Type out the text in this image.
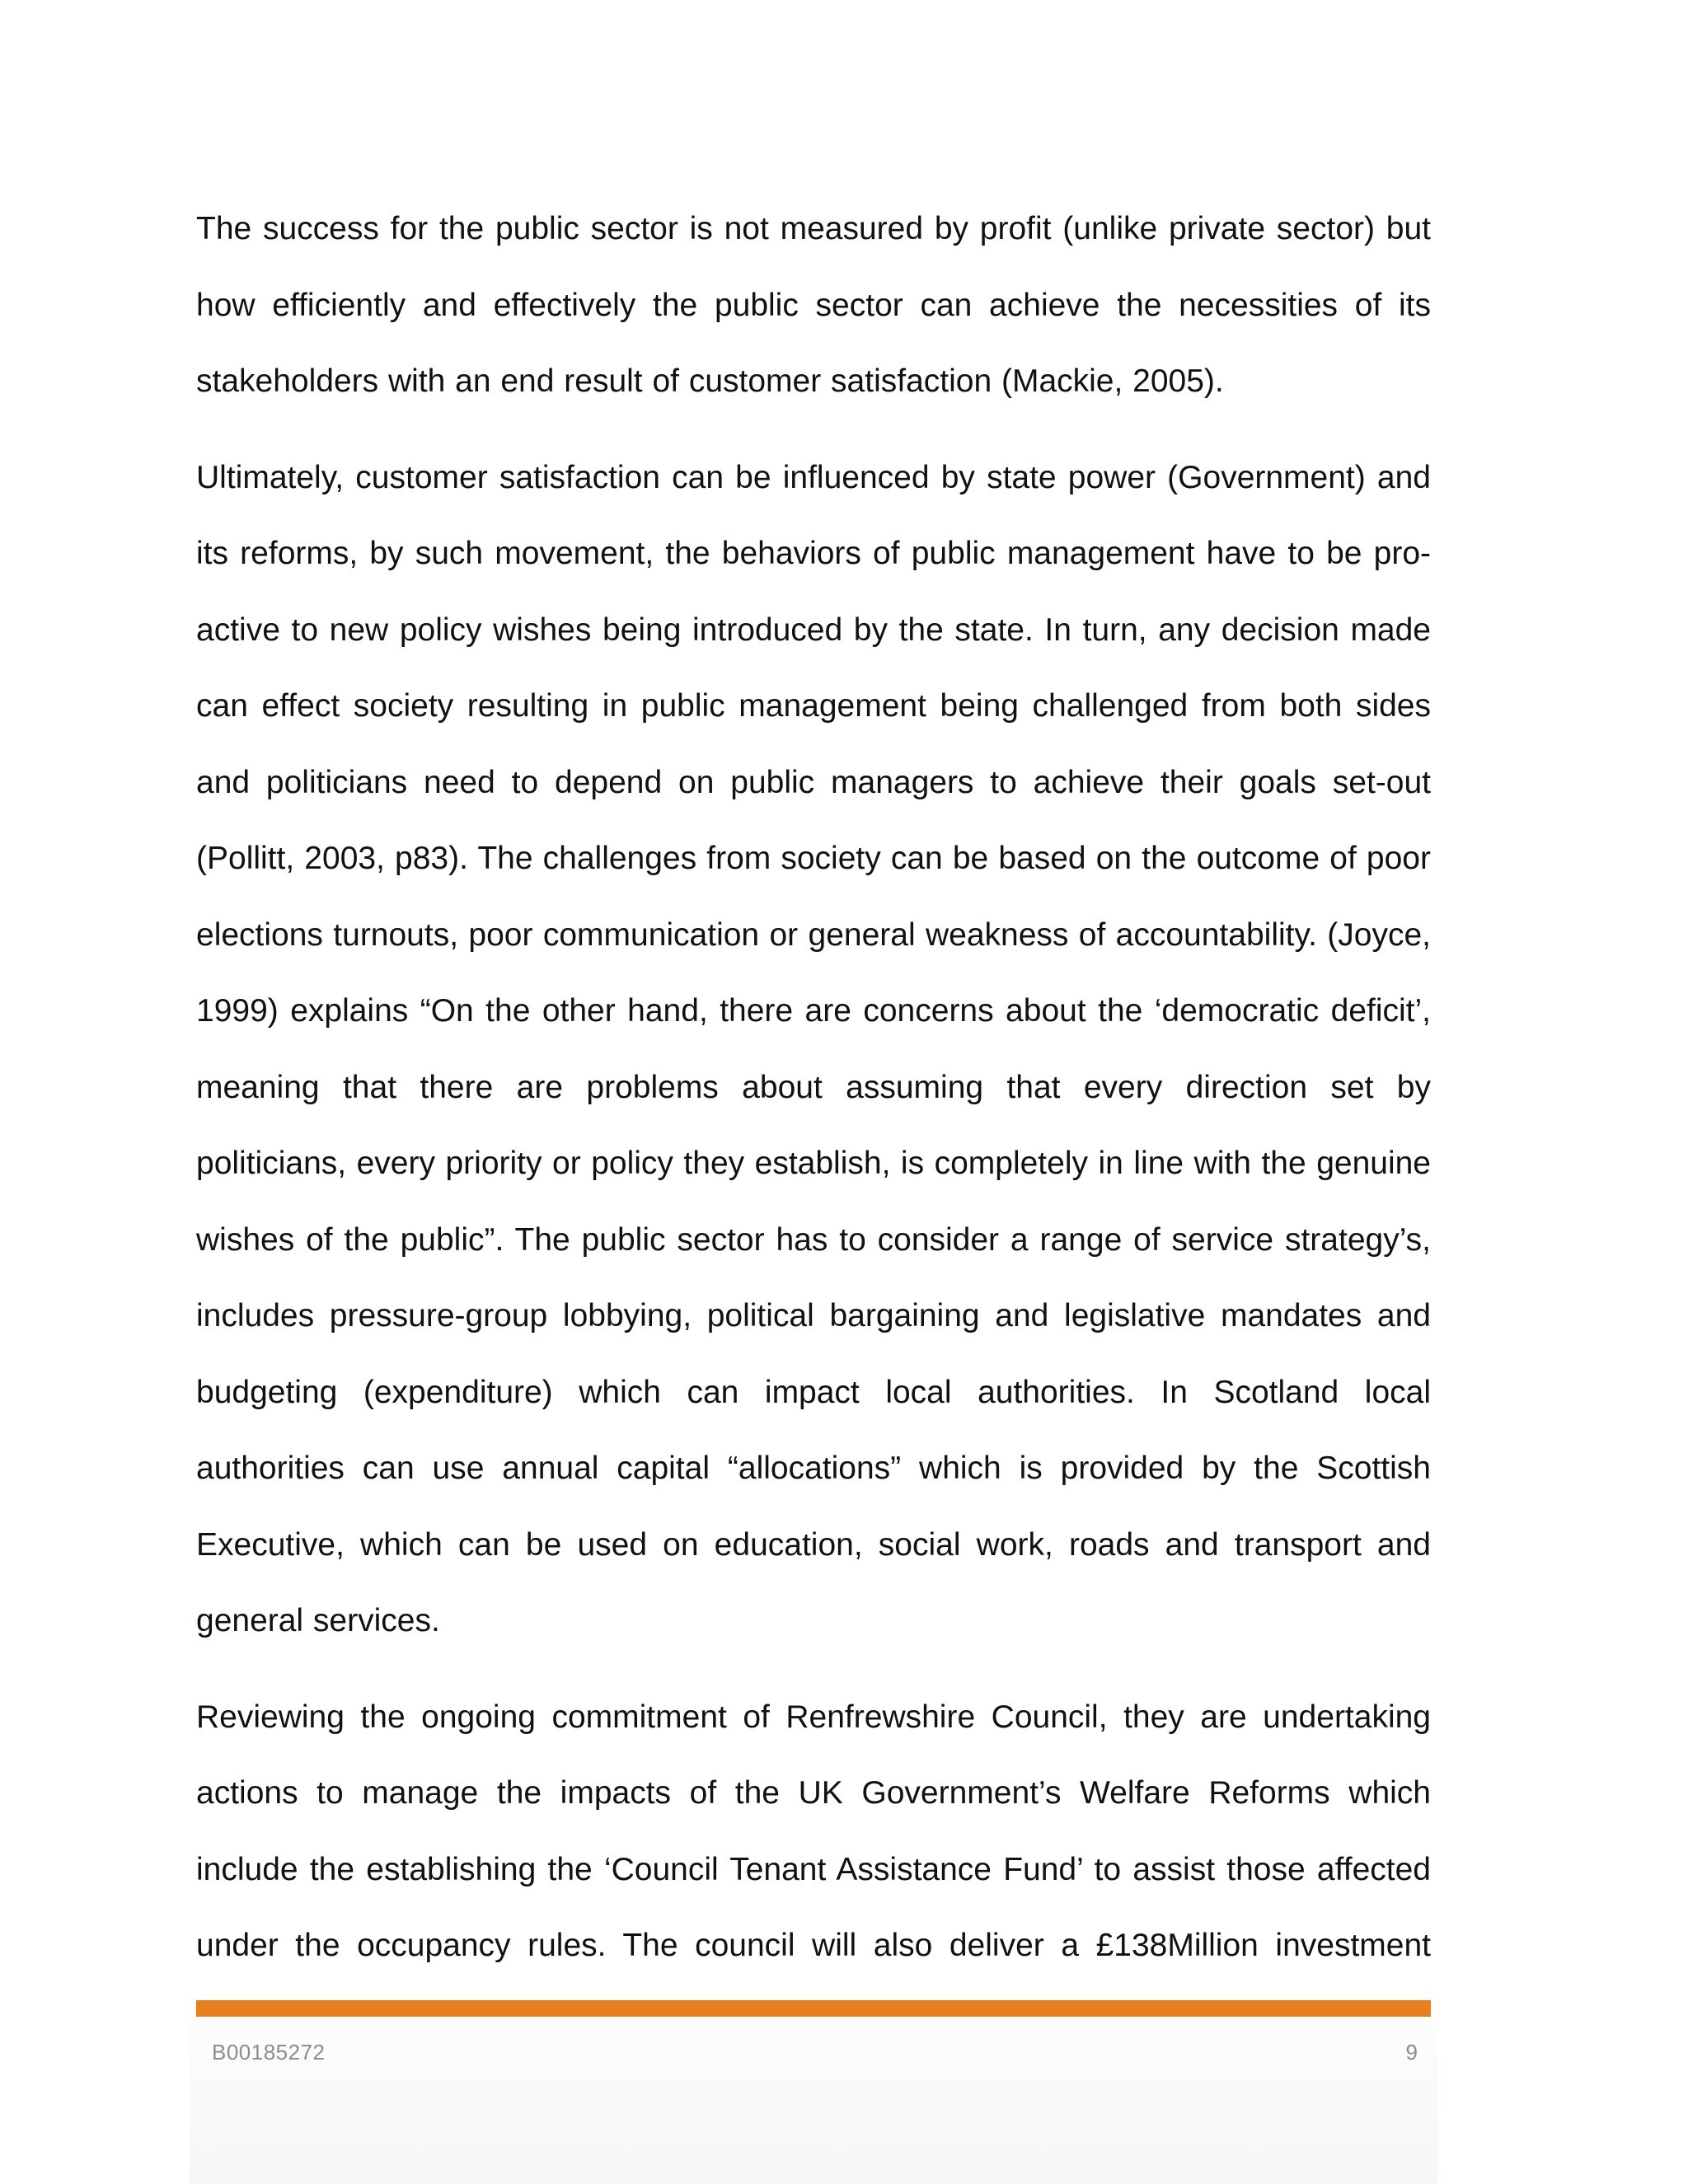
The success for the public sector is not measured by profit (unlike private sector) but how efficiently and effectively the public sector can achieve the necessities of its stakeholders with an end result of customer satisfaction (Mackie, 2005).

Ultimately, customer satisfaction can be influenced by state power (Government) and its reforms, by such movement, the behaviors of public management have to be pro-active to new policy wishes being introduced by the state. In turn, any decision made can effect society resulting in public management being challenged from both sides and politicians need to depend on public managers to achieve their goals set-out (Pollitt, 2003, p83). The challenges from society can be based on the outcome of poor elections turnouts, poor communication or general weakness of accountability. (Joyce, 1999) explains “On the other hand, there are concerns about the ‘democratic deficit’, meaning that there are problems about assuming that every direction set by politicians, every priority or policy they establish, is completely in line with the genuine wishes of the public”. The public sector has to consider a range of service strategy’s, includes pressure-group lobbying, political bargaining and legislative mandates and budgeting (expenditure) which can impact local authorities. In Scotland local authorities can use annual capital “allocations” which is provided by the Scottish Executive, which can be used on education, social work, roads and transport and general services.

Reviewing the ongoing commitment of Renfrewshire Council, they are undertaking actions to manage the impacts of the UK Government’s Welfare Reforms which include the establishing the ‘Council Tenant Assistance Fund’ to assist those affected under the occupancy rules. The council will also deliver a £138Million investment

B00185272	9
